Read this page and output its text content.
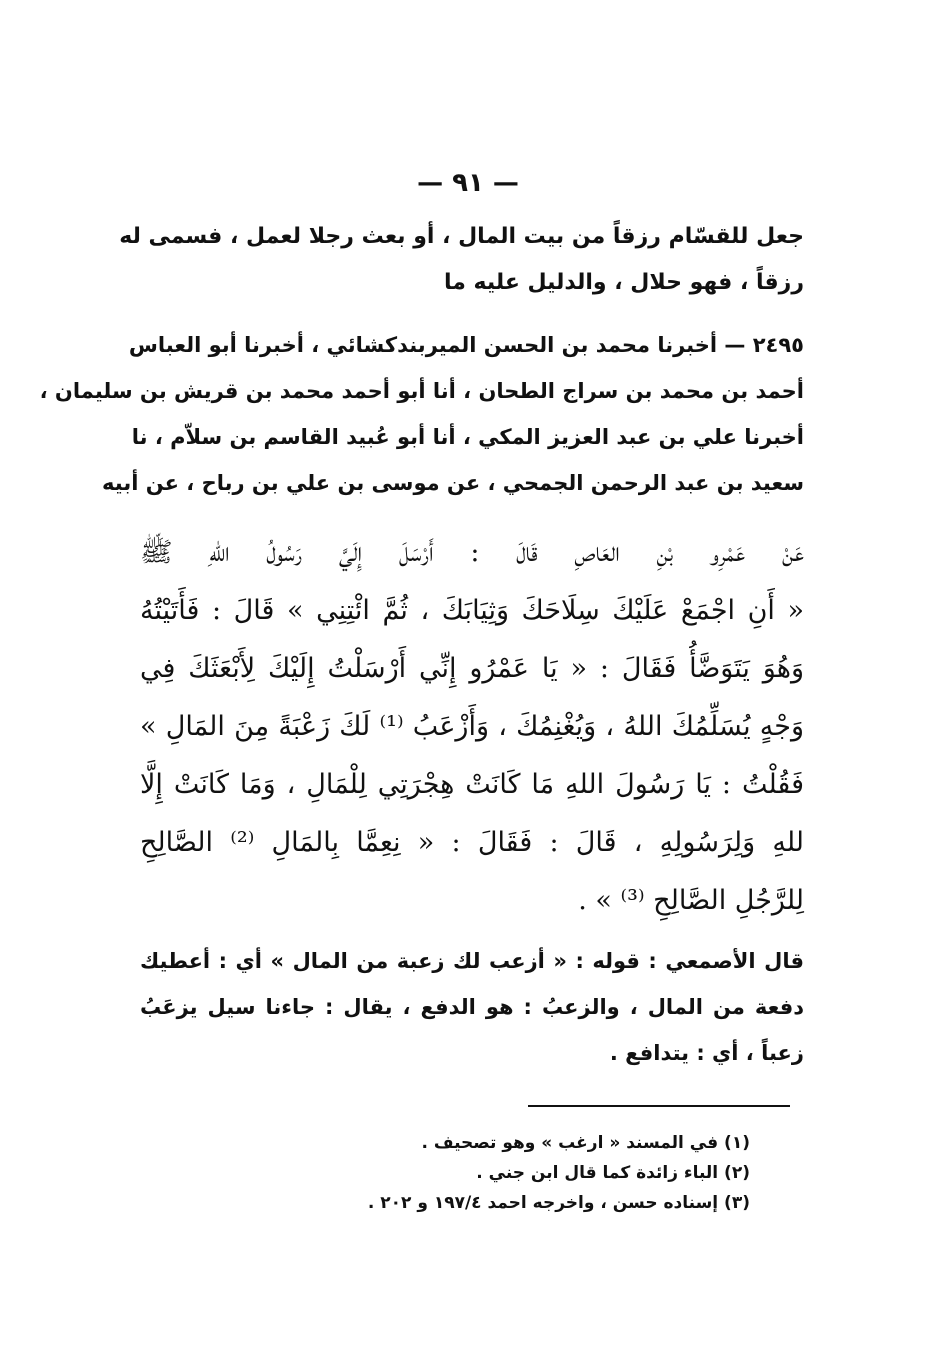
— ٩١ —
جعل للقسّام رزقاً من بيت المال ، أو بعث رجلا لعمل ، فسمى له
رزقاً ، فهو حلال ، والدليل عليه ما
٢٤٩٥ — أخبرنا محمد بن الحسن الميربندكشائي ، أخبرنا أبو العباس
أحمد بن محمد بن سراج الطحان ، أنا أبو أحمد محمد بن قريش بن سليمان ،
أخبرنا علي بن عبد العزيز المكي ، أنا أبو عُبيد القاسم بن سلاّم ، نا
سعيد بن عبد الرحمن الجمحي ، عن موسى بن علي بن رباح ، عن أبيه
عَنْ عَمْرِو بْنِ العَاصِ قَالَ : أَرْسَلَ إِلَيَّ رَسُولُ اللهِ ﷺ
« أَنِ اجْمَعْ عَلَيْكَ سِلَاحَكَ وَثِيَابَكَ ، ثُمَّ ائْتِنِي » قَالَ : فَأَتَيْتُهُ
وَهُوَ يَتَوَضَّأُ فَقَالَ : « يَا عَمْرُو إِنِّي أَرْسَلْتُ إِلَيْكَ لِأَبْعَثَكَ فِي
وَجْهٍ يُسَلِّمُكَ اللهُ ، وَيُغْنِمُكَ ، وَأَزْعَبُ ⁽¹⁾ لَكَ زَعْبَةً مِنَ المَالِ »
فَقُلْتُ : يَا رَسُولَ اللهِ مَا كَانَتْ هِجْرَتِي لِلْمَالِ ، وَمَا كَانَتْ إِلَّا
للهِ وَلِرَسُولِهِ ، قَالَ : فَقَالَ : « نِعِمَّا بِالمَالِ ⁽²⁾ الصَّالِحِ
لِلرَّجُلِ الصَّالِحِ ⁽³⁾ » .
قال الأصمعي : قوله : « أزعب لك زعبة من المال » أي : أعطيك
دفعة من المال ، والزعبُ : هو الدفع ، يقال : جاءنا سيل يزعَبُ
زعباً ، أي : يتدافع .
(١) في المسند « ارغب » وهو تصحيف .
(٢) الباء زائدة كما قال ابن جني .
(٣) إسناده حسن ، واخرجه احمد ١٩٧/٤ و ٢٠٢ .
